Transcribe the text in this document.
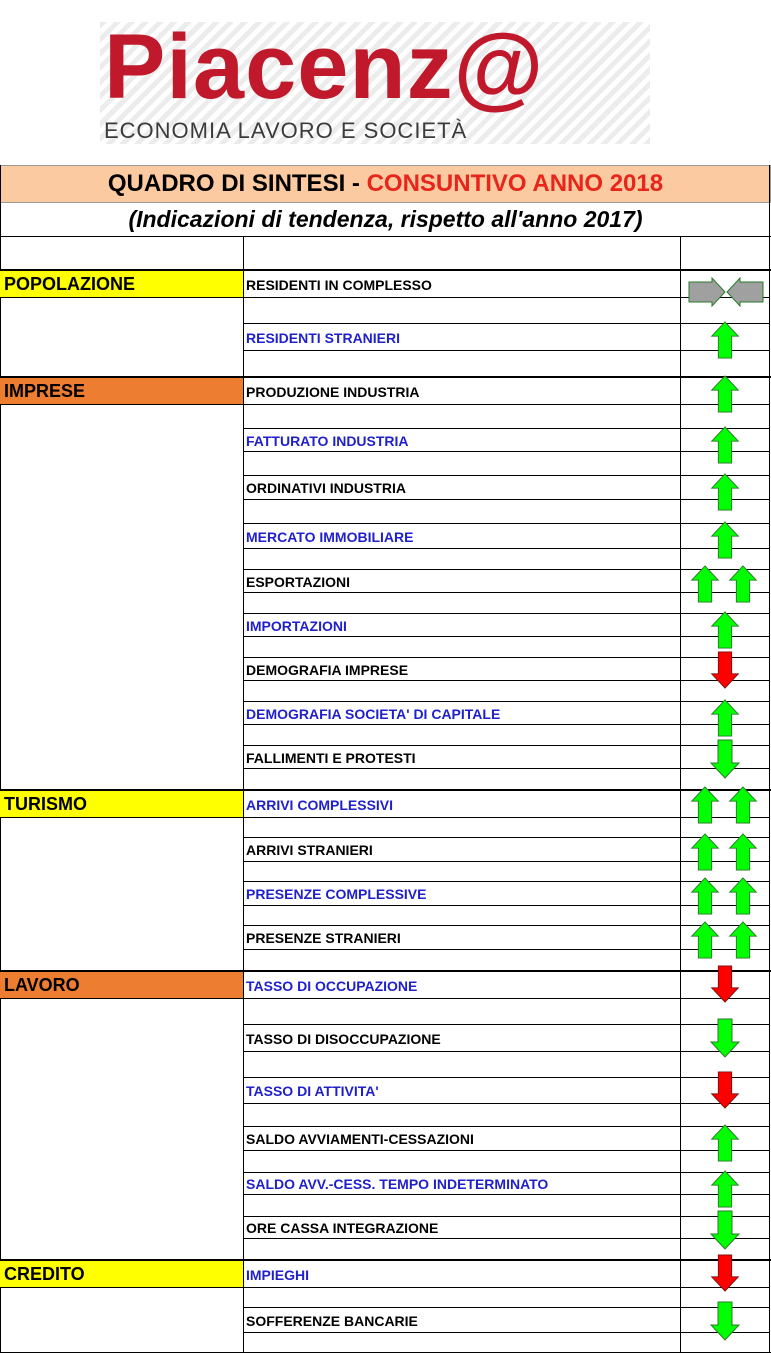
Piacenz@
ECONOMIA LAVORO E SOCIETÀ
QUADRO DI SINTESI - CONSUNTIVO ANNO 2018
(Indicazioni di tendenza, rispetto all'anno 2017)
POPOLAZIONE
IMPRESE
TURISMO
LAVORO
CREDITO
RESIDENTI IN COMPLESSO
RESIDENTI STRANIERI
PRODUZIONE INDUSTRIA
FATTURATO INDUSTRIA
ORDINATIVI INDUSTRIA
MERCATO IMMOBILIARE
ESPORTAZIONI
IMPORTAZIONI
DEMOGRAFIA IMPRESE
DEMOGRAFIA SOCIETA' DI CAPITALE
FALLIMENTI E PROTESTI
ARRIVI COMPLESSIVI
ARRIVI STRANIERI
PRESENZE COMPLESSIVE
PRESENZE STRANIERI
TASSO DI OCCUPAZIONE
TASSO DI DISOCCUPAZIONE
TASSO DI ATTIVITA'
SALDO AVVIAMENTI-CESSAZIONI
SALDO AVV.-CESS. TEMPO INDETERMINATO
ORE CASSA INTEGRAZIONE
IMPIEGHI
SOFFERENZE BANCARIE
